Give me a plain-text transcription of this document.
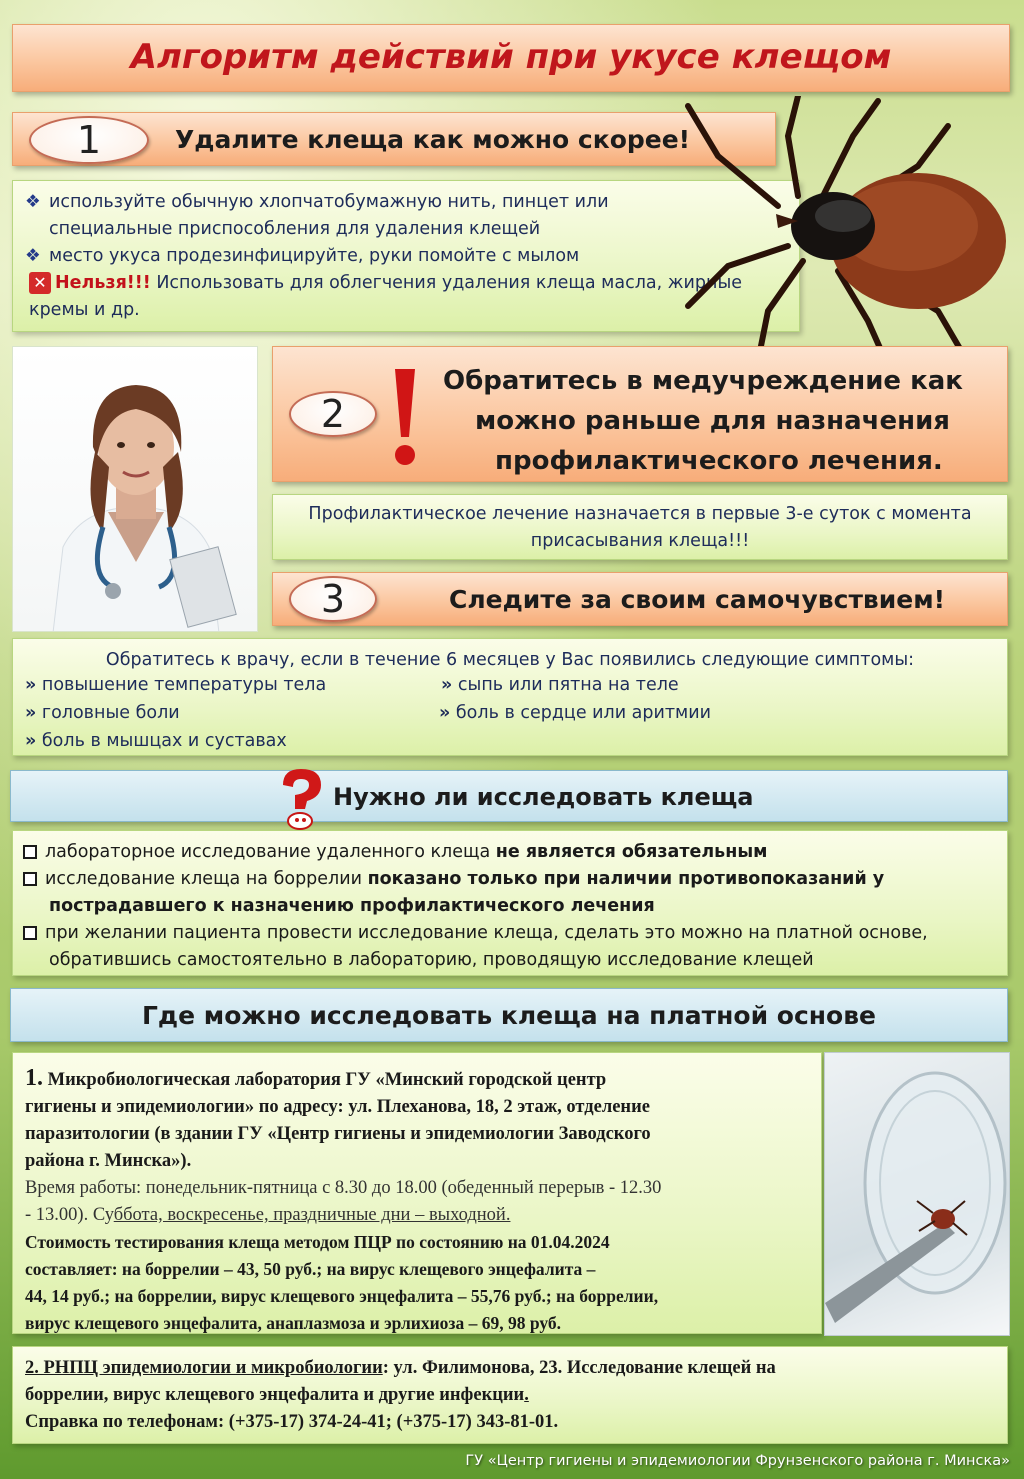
Алгоритм действий при укусе клещом
1	Удалите клеща как можно скорее!
❖ используйте обычную хлопчатобумажную нить, пинцет или специальные приспособления для удаления клещей
❖ место укуса продезинфицируйте, руки помойте с мылом
✕ Нельзя!!! Использовать для облегчения удаления клеща масла, жирные кремы и др.
2
Обратитесь в медучреждение как
можно раньше для назначения
профилактического лечения.
Профилактическое лечение назначается в первые 3-е суток с момента присасывания клеща!!!
3	Следите за своим самочувствием!
Обратитесь к врачу, если в течение 6 месяцев у Вас появились следующие симптомы:
» повышение температуры тела
» головные боли
» боль в мышцах и суставах
» сыпь или пятна на теле
» боль в сердце или аритмии
Нужно ли исследовать клеща
лабораторное исследование удаленного клеща не является обязательным
исследование клеща на боррелии показано только при наличии противопоказаний у
пострадавшего к назначению профилактического лечения
при желании пациента провести исследование клеща, сделать это можно на платной основе,
обратившись самостоятельно в лабораторию, проводящую исследование клещей
Где можно исследовать клеща на платной основе
1. Микробиологическая лаборатория ГУ «Минский городской центр
гигиены и эпидемиологии» по адресу: ул. Плеханова, 18, 2 этаж, отделение
паразитологии (в здании ГУ «Центр гигиены и эпидемиологии Заводского
района г. Минска»).
Время работы: понедельник-пятница с 8.30 до 18.00 (обеденный перерыв - 12.30
- 13.00). Суббота, воскресенье, праздничные дни – выходной.
Стоимость тестирования клеща методом ПЦР по состоянию на 01.04.2024
составляет: на боррелии – 43, 50 руб.; на вирус клещевого энцефалита –
44, 14 руб.; на боррелии, вирус клещевого энцефалита – 55,76 руб.; на боррелии,
вирус клещевого энцефалита, анаплазмоза и эрлихиоза – 69, 98 руб.
2. РНПЦ эпидемиологии и микробиологии: ул. Филимонова, 23. Исследование клещей на
боррелии, вирус клещевого энцефалита и другие инфекции.
Справка по телефонам: (+375-17) 374-24-41; (+375-17) 343-81-01.
ГУ «Центр гигиены и эпидемиологии Фрунзенского района г. Минска»
